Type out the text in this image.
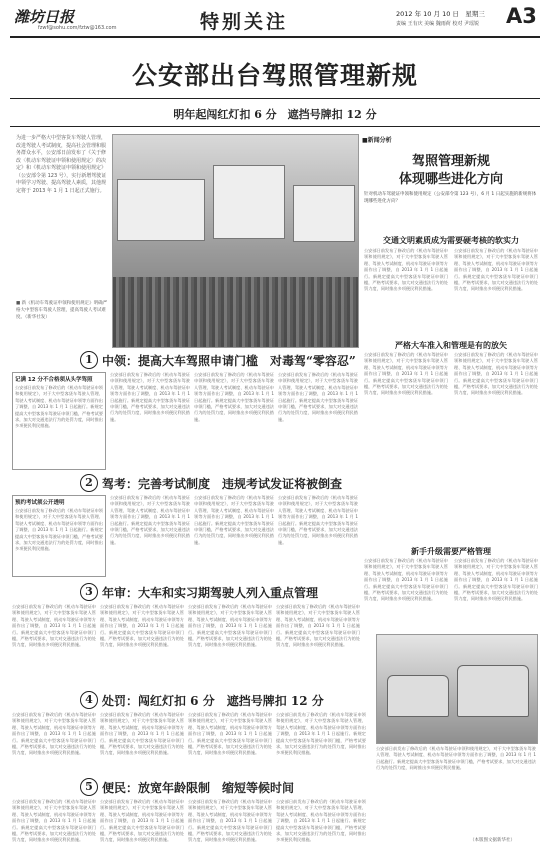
潍坊日报
fzwf@sohu.com/fztw@163.com	特别关注	2012 年 10 月 10 日　星期三
责编 王有庆 美编 魏雨荷 校对 尹瑶锐 A3
公安部出台驾照管理新规
明年起闯红灯扣 6 分　遮挡号牌扣 12 分
为进一步严格大中型客货车驾驶人管理，改进驾驶人考试制度，提高社会管理和服务群众水平，公安部日前发布了《关于修改〈机动车驾驶证申领和使用规定〉的决定》和《机动车驾驶证申领和使用规定》（公安部令第 123 号），实行新增驾驶证申领学习驾驶、提高驾驶人素质，其他规定将于 2013 年 1 月 1 日起正式施行。
■ 新《机动车驾驶证申领和使用规定》明确严格大中型客车驾驶人管理，提高驾驶人考试难度。（新华社发）
■新闻分析
驾照管理新规
体现哪些进化方向
针对机动车驾驶证申领和使用规定（公安部令第 123 号），6 月 1 日起实施的新规将体现哪些进化方向？
交通文明素质成为需要硬考核的软实力
公安部日前发布了修改后的《机动车驾驶证申领和使用规定》，对于大中型客货车驾驶人管理、驾驶人考试制度、机动车驾驶证申领等方面作出了调整，自 2013 年 1 月 1 日起施行。新规定提高大中型客货车驾驶证申领门槛，严格考试要求，加大对交通违法行为的处罚力度，同时推出多项便民利民措施。
公安部日前发布了修改后的《机动车驾驶证申领和使用规定》，对于大中型客货车驾驶人管理、驾驶人考试制度、机动车驾驶证申领等方面作出了调整，自 2013 年 1 月 1 日起施行。新规定提高大中型客货车驾驶证申领门槛，严格考试要求，加大对交通违法行为的处罚力度，同时推出多项便民利民措施。
严格大车准入和管理是有的放矢
公安部日前发布了修改后的《机动车驾驶证申领和使用规定》，对于大中型客货车驾驶人管理、驾驶人考试制度、机动车驾驶证申领等方面作出了调整，自 2013 年 1 月 1 日起施行。新规定提高大中型客货车驾驶证申领门槛，严格考试要求，加大对交通违法行为的处罚力度，同时推出多项便民利民措施。
公安部日前发布了修改后的《机动车驾驶证申领和使用规定》，对于大中型客货车驾驶人管理、驾驶人考试制度、机动车驾驶证申领等方面作出了调整，自 2013 年 1 月 1 日起施行。新规定提高大中型客货车驾驶证申领门槛，严格考试要求，加大对交通违法行为的处罚力度，同时推出多项便民利民措施。
新手升级需要严格管理
公安部日前发布了修改后的《机动车驾驶证申领和使用规定》，对于大中型客货车驾驶人管理、驾驶人考试制度、机动车驾驶证申领等方面作出了调整，自 2013 年 1 月 1 日起施行。新规定提高大中型客货车驾驶证申领门槛，严格考试要求，加大对交通违法行为的处罚力度，同时推出多项便民利民措施。
公安部日前发布了修改后的《机动车驾驶证申领和使用规定》，对于大中型客货车驾驶人管理、驾驶人考试制度、机动车驾驶证申领等方面作出了调整，自 2013 年 1 月 1 日起施行。新规定提高大中型客货车驾驶证申领门槛，严格考试要求，加大对交通违法行为的处罚力度，同时推出多项便民利民措施。
1 中领：提高大车驾照申请门槛　对毒驾“零容忍”
记满 12 分不合格须从头学驾照
公安部日前发布了修改后的《机动车驾驶证申领和使用规定》，对于大中型客货车驾驶人管理、驾驶人考试制度、机动车驾驶证申领等方面作出了调整，自 2013 年 1 月 1 日起施行。新规定提高大中型客货车驾驶证申领门槛，严格考试要求，加大对交通违法行为的处罚力度，同时推出多项便民利民措施。
公安部日前发布了修改后的《机动车驾驶证申领和使用规定》，对于大中型客货车驾驶人管理、驾驶人考试制度、机动车驾驶证申领等方面作出了调整，自 2013 年 1 月 1 日起施行。新规定提高大中型客货车驾驶证申领门槛，严格考试要求，加大对交通违法行为的处罚力度，同时推出多项便民利民措施。
公安部日前发布了修改后的《机动车驾驶证申领和使用规定》，对于大中型客货车驾驶人管理、驾驶人考试制度、机动车驾驶证申领等方面作出了调整，自 2013 年 1 月 1 日起施行。新规定提高大中型客货车驾驶证申领门槛，严格考试要求，加大对交通违法行为的处罚力度，同时推出多项便民利民措施。
公安部日前发布了修改后的《机动车驾驶证申领和使用规定》，对于大中型客货车驾驶人管理、驾驶人考试制度、机动车驾驶证申领等方面作出了调整，自 2013 年 1 月 1 日起施行。新规定提高大中型客货车驾驶证申领门槛，严格考试要求，加大对交通违法行为的处罚力度，同时推出多项便民利民措施。
2 驾考：完善考试制度　违规考试发证将被倒查
预约考试须公开透明
公安部日前发布了修改后的《机动车驾驶证申领和使用规定》，对于大中型客货车驾驶人管理、驾驶人考试制度、机动车驾驶证申领等方面作出了调整，自 2013 年 1 月 1 日起施行。新规定提高大中型客货车驾驶证申领门槛，严格考试要求，加大对交通违法行为的处罚力度，同时推出多项便民利民措施。
公安部日前发布了修改后的《机动车驾驶证申领和使用规定》，对于大中型客货车驾驶人管理、驾驶人考试制度、机动车驾驶证申领等方面作出了调整，自 2013 年 1 月 1 日起施行。新规定提高大中型客货车驾驶证申领门槛，严格考试要求，加大对交通违法行为的处罚力度，同时推出多项便民利民措施。
公安部日前发布了修改后的《机动车驾驶证申领和使用规定》，对于大中型客货车驾驶人管理、驾驶人考试制度、机动车驾驶证申领等方面作出了调整，自 2013 年 1 月 1 日起施行。新规定提高大中型客货车驾驶证申领门槛，严格考试要求，加大对交通违法行为的处罚力度，同时推出多项便民利民措施。
公安部日前发布了修改后的《机动车驾驶证申领和使用规定》，对于大中型客货车驾驶人管理、驾驶人考试制度、机动车驾驶证申领等方面作出了调整，自 2013 年 1 月 1 日起施行。新规定提高大中型客货车驾驶证申领门槛，严格考试要求，加大对交通违法行为的处罚力度，同时推出多项便民利民措施。
3 年审：大车和实习期驾驶人列入重点管理
公安部日前发布了修改后的《机动车驾驶证申领和使用规定》，对于大中型客货车驾驶人管理、驾驶人考试制度、机动车驾驶证申领等方面作出了调整，自 2013 年 1 月 1 日起施行。新规定提高大中型客货车驾驶证申领门槛，严格考试要求，加大对交通违法行为的处罚力度，同时推出多项便民利民措施。
公安部日前发布了修改后的《机动车驾驶证申领和使用规定》，对于大中型客货车驾驶人管理、驾驶人考试制度、机动车驾驶证申领等方面作出了调整，自 2013 年 1 月 1 日起施行。新规定提高大中型客货车驾驶证申领门槛，严格考试要求，加大对交通违法行为的处罚力度，同时推出多项便民利民措施。
公安部日前发布了修改后的《机动车驾驶证申领和使用规定》，对于大中型客货车驾驶人管理、驾驶人考试制度、机动车驾驶证申领等方面作出了调整，自 2013 年 1 月 1 日起施行。新规定提高大中型客货车驾驶证申领门槛，严格考试要求，加大对交通违法行为的处罚力度，同时推出多项便民利民措施。
公安部日前发布了修改后的《机动车驾驶证申领和使用规定》，对于大中型客货车驾驶人管理、驾驶人考试制度、机动车驾驶证申领等方面作出了调整，自 2013 年 1 月 1 日起施行。新规定提高大中型客货车驾驶证申领门槛，严格考试要求，加大对交通违法行为的处罚力度，同时推出多项便民利民措施。
4 处罚：闯红灯扣 6 分　遮挡号牌扣 12 分
公安部日前发布了修改后的《机动车驾驶证申领和使用规定》，对于大中型客货车驾驶人管理、驾驶人考试制度、机动车驾驶证申领等方面作出了调整，自 2013 年 1 月 1 日起施行。新规定提高大中型客货车驾驶证申领门槛，严格考试要求，加大对交通违法行为的处罚力度，同时推出多项便民利民措施。
公安部日前发布了修改后的《机动车驾驶证申领和使用规定》，对于大中型客货车驾驶人管理、驾驶人考试制度、机动车驾驶证申领等方面作出了调整，自 2013 年 1 月 1 日起施行。新规定提高大中型客货车驾驶证申领门槛，严格考试要求，加大对交通违法行为的处罚力度，同时推出多项便民利民措施。
公安部日前发布了修改后的《机动车驾驶证申领和使用规定》，对于大中型客货车驾驶人管理、驾驶人考试制度、机动车驾驶证申领等方面作出了调整，自 2013 年 1 月 1 日起施行。新规定提高大中型客货车驾驶证申领门槛，严格考试要求，加大对交通违法行为的处罚力度，同时推出多项便民利民措施。
公安部日前发布了修改后的《机动车驾驶证申领和使用规定》，对于大中型客货车驾驶人管理、驾驶人考试制度、机动车驾驶证申领等方面作出了调整，自 2013 年 1 月 1 日起施行。新规定提高大中型客货车驾驶证申领门槛，严格考试要求，加大对交通违法行为的处罚力度，同时推出多项便民利民措施。
公安部日前发布了修改后的《机动车驾驶证申领和使用规定》，对于大中型客货车驾驶人管理、驾驶人考试制度、机动车驾驶证申领等方面作出了调整，自 2013 年 1 月 1 日起施行。新规定提高大中型客货车驾驶证申领门槛，严格考试要求，加大对交通违法行为的处罚力度，同时推出多项便民利民措施。
5 便民：放宽年龄限制　缩短等候时间
公安部日前发布了修改后的《机动车驾驶证申领和使用规定》，对于大中型客货车驾驶人管理、驾驶人考试制度、机动车驾驶证申领等方面作出了调整，自 2013 年 1 月 1 日起施行。新规定提高大中型客货车驾驶证申领门槛，严格考试要求，加大对交通违法行为的处罚力度，同时推出多项便民利民措施。
公安部日前发布了修改后的《机动车驾驶证申领和使用规定》，对于大中型客货车驾驶人管理、驾驶人考试制度、机动车驾驶证申领等方面作出了调整，自 2013 年 1 月 1 日起施行。新规定提高大中型客货车驾驶证申领门槛，严格考试要求，加大对交通违法行为的处罚力度，同时推出多项便民利民措施。
公安部日前发布了修改后的《机动车驾驶证申领和使用规定》，对于大中型客货车驾驶人管理、驾驶人考试制度、机动车驾驶证申领等方面作出了调整，自 2013 年 1 月 1 日起施行。新规定提高大中型客货车驾驶证申领门槛，严格考试要求，加大对交通违法行为的处罚力度，同时推出多项便民利民措施。
公安部日前发布了修改后的《机动车驾驶证申领和使用规定》，对于大中型客货车驾驶人管理、驾驶人考试制度、机动车驾驶证申领等方面作出了调整，自 2013 年 1 月 1 日起施行。新规定提高大中型客货车驾驶证申领门槛，严格考试要求，加大对交通违法行为的处罚力度，同时推出多项便民利民措施。	（本版图文据新华社）
